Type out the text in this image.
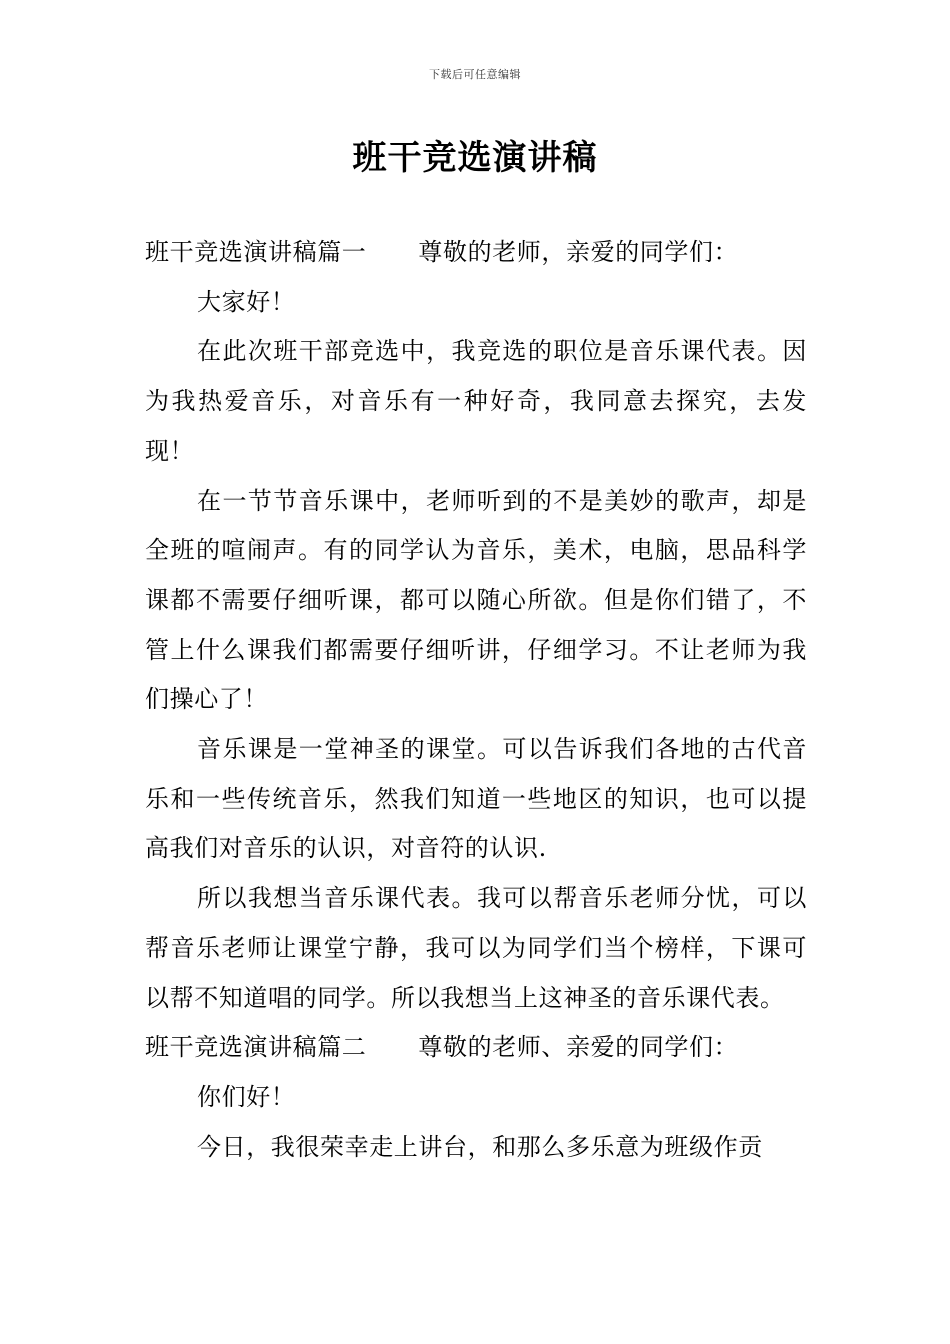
下载后可任意编辑
班干竞选演讲稿

班干竞选演讲稿篇一 尊敬的老师，亲爱的同学们：

大家好！

在此次班干部竞选中，我竞选的职位是音乐课代表。因为我热爱音乐，对音乐有一种好奇，我同意去探究，去发现！

在一节节音乐课中，老师听到的不是美妙的歌声，却是全班的喧闹声。有的同学认为音乐，美术，电脑，思品科学课都不需要仔细听课，都可以随心所欲。但是你们错了，不管上什么课我们都需要仔细听讲，仔细学习。不让老师为我们操心了！

音乐课是一堂神圣的课堂。可以告诉我们各地的古代音乐和一些传统音乐，然我们知道一些地区的知识，也可以提高我们对音乐的认识，对音符的认识.

所以我想当音乐课代表。我可以帮音乐老师分忧，可以帮音乐老师让课堂宁静，我可以为同学们当个榜样，下课可以帮不知道唱的同学。所以我想当上这神圣的音乐课代表。

班干竞选演讲稿篇二 尊敬的老师、亲爱的同学们：

你们好！

今日，我很荣幸走上讲台，和那么多乐意为班级作贡
